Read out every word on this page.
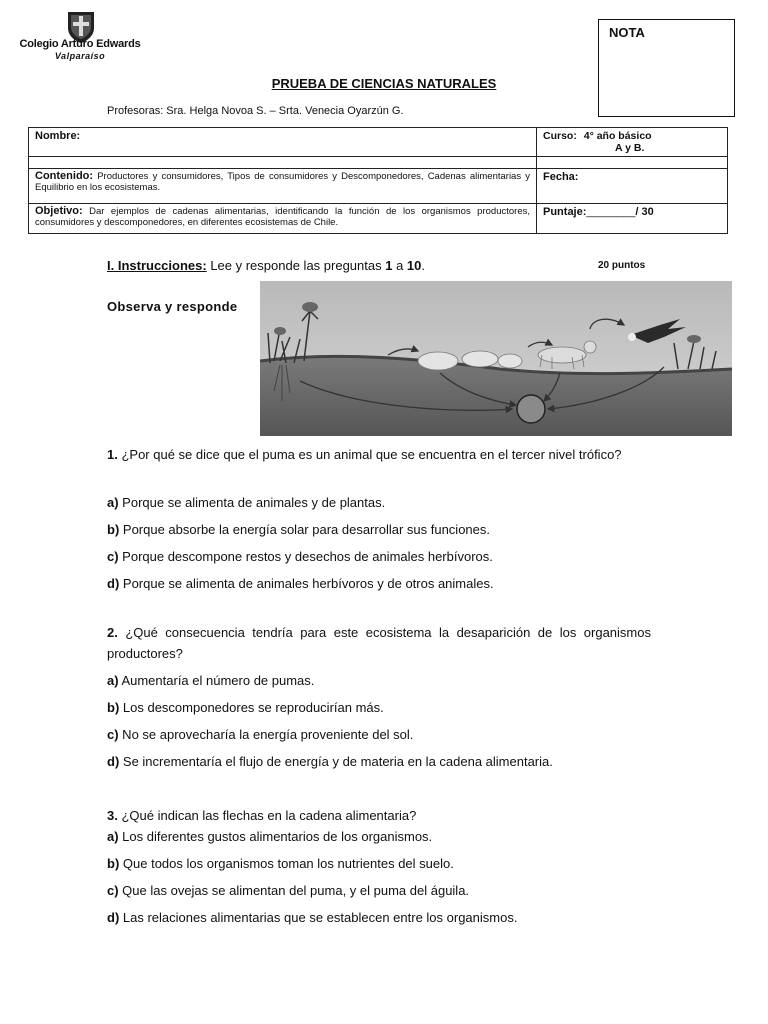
Colegio Arturo Edwards
Valparaíso
NOTA
PRUEBA DE CIENCIAS NATURALES
Profesoras: Sra. Helga Novoa S. – Srta. Venecia Oyarzún G.
Nombre:	Curso: 4° año básico
A y B.

Contenido: Productores y consumidores, Tipos de consumidores y Descomponedores, Cadenas alimentarias y Equilibrio en los ecosistemas.	Fecha:
Objetivo: Dar ejemplos de cadenas alimentarias, identificando la función de los organismos productores, consumidores y descomponedores, en diferentes ecosistemas de Chile.	Puntaje:________/ 30
I. Instrucciones: Lee y responde las preguntas 1 a 10.	20 puntos
Observa y responde
1. ¿Por qué se dice que el puma es un animal que se encuentra en el tercer nivel trófico?
a) Porque se alimenta de animales y de plantas.
b) Porque absorbe la energía solar para desarrollar sus funciones.
c) Porque descompone restos y desechos de animales herbívoros.
d) Porque se alimenta de animales herbívoros y de otros animales.
2. ¿Qué consecuencia tendría para este ecosistema la desaparición de los organismos productores?
a) Aumentaría el número de pumas.
b) Los descomponedores se reproducirían más.
c) No se aprovecharía la energía proveniente del sol.
d) Se incrementaría el flujo de energía y de materia en la cadena alimentaria.
3. ¿Qué indican las flechas en la cadena alimentaria?
a) Los diferentes gustos alimentarios de los organismos.
b) Que todos los organismos toman los nutrientes del suelo.
c) Que las ovejas se alimentan del puma, y el puma del águila.
d) Las relaciones alimentarias que se establecen entre los organismos.
